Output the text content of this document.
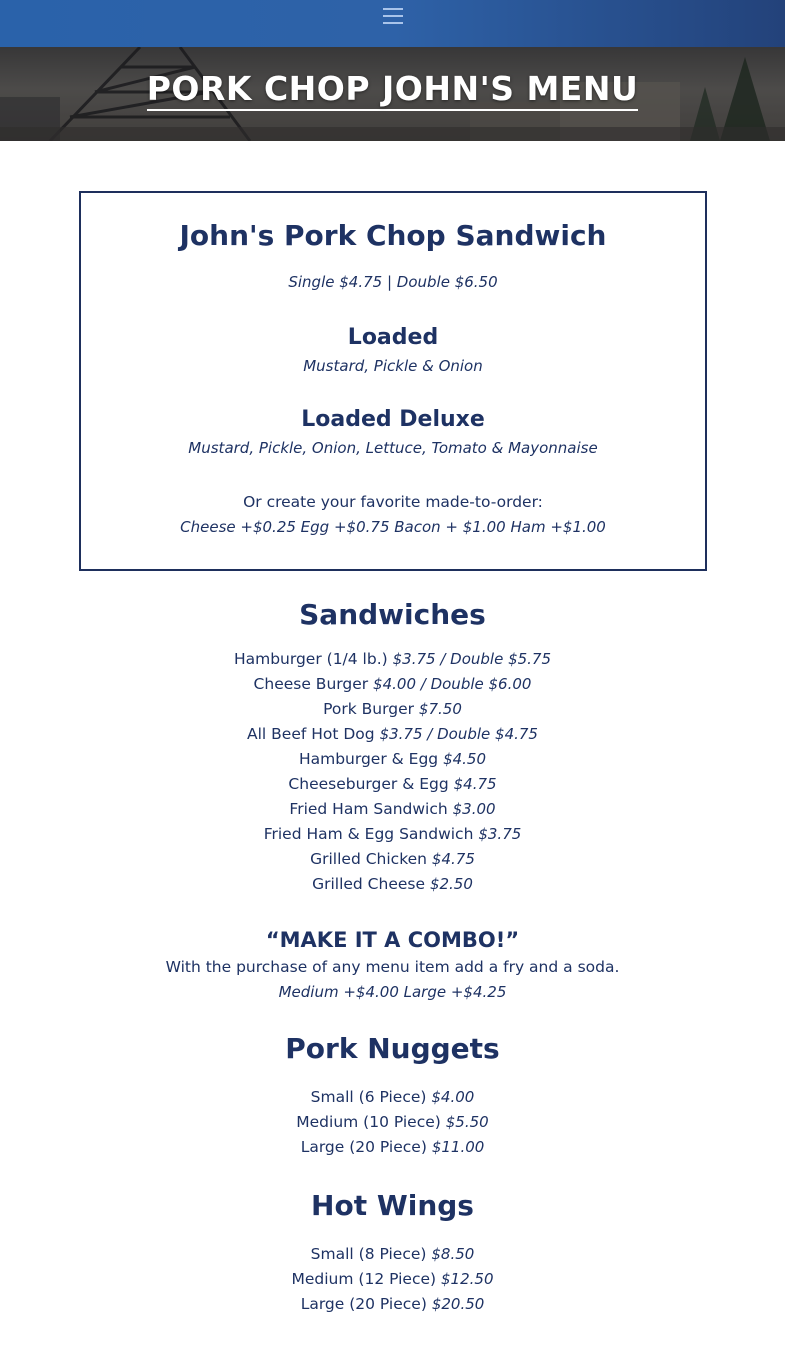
PORK CHOP JOHN'S MENU
John's Pork Chop Sandwich
Single $4.75 | Double $6.50
Loaded
Mustard, Pickle & Onion
Loaded Deluxe
Mustard, Pickle, Onion, Lettuce, Tomato & Mayonnaise
Or create your favorite made-to-order:
Cheese +$0.25 Egg +$0.75 Bacon + $1.00 Ham +$1.00
Sandwiches
Hamburger (1/4 lb.) $3.75 / Double $5.75
Cheese Burger $4.00 / Double $6.00
Pork Burger $7.50
All Beef Hot Dog $3.75 / Double $4.75
Hamburger & Egg $4.50
Cheeseburger & Egg $4.75
Fried Ham Sandwich $3.00
Fried Ham & Egg Sandwich $3.75
Grilled Chicken $4.75
Grilled Cheese $2.50
“MAKE IT A COMBO!”
With the purchase of any menu item add a fry and a soda.
Medium +$4.00 Large +$4.25
Pork Nuggets
Small (6 Piece) $4.00
Medium (10 Piece) $5.50
Large (20 Piece) $11.00
Hot Wings
Small (8 Piece) $8.50
Medium (12 Piece) $12.50
Large (20 Piece) $20.50
